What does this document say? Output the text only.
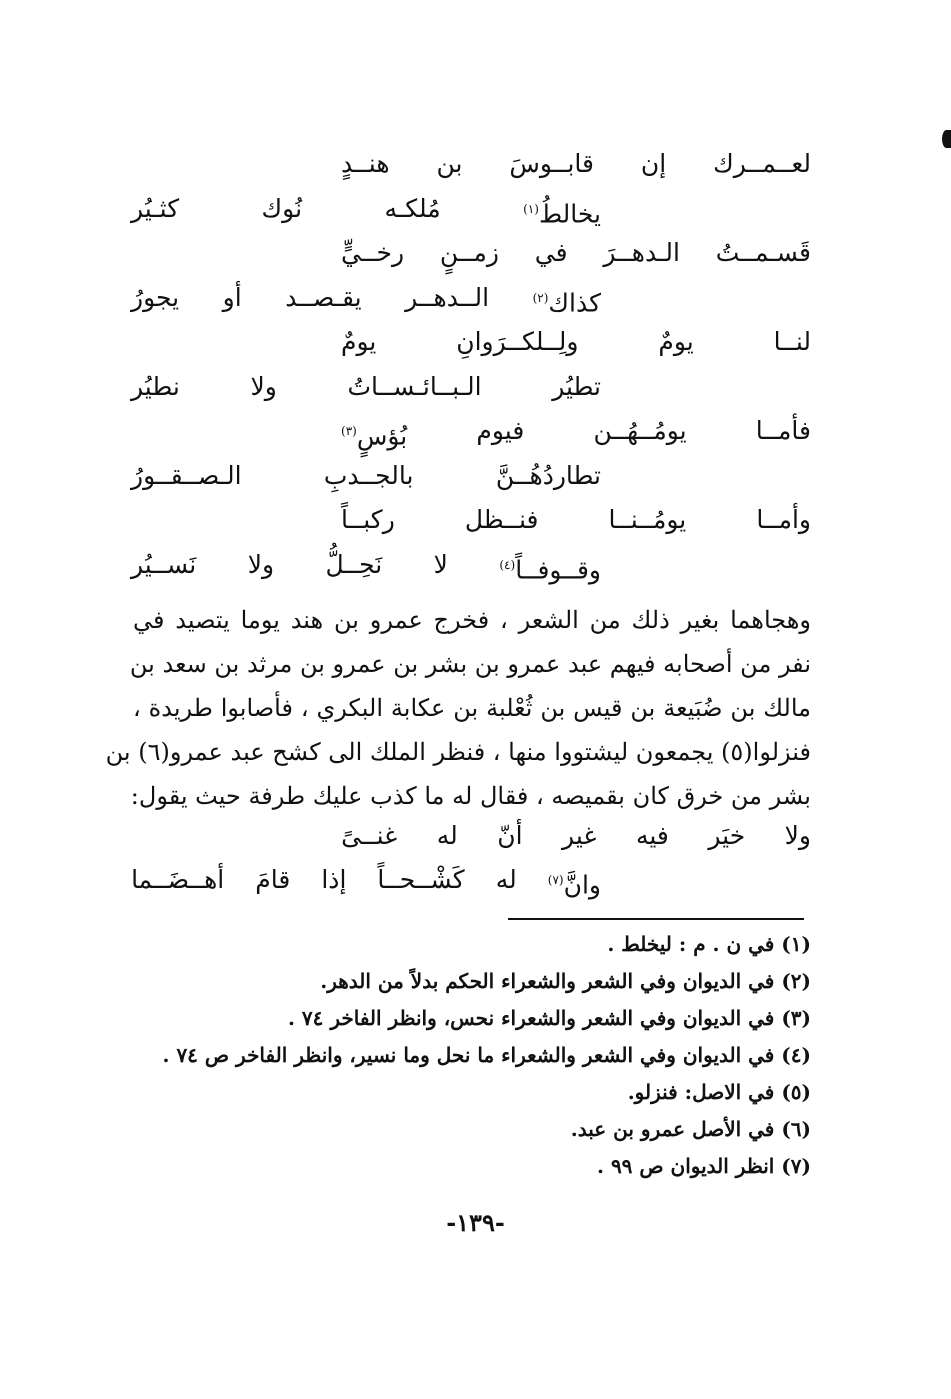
لعــمــرك
إن
قابــوسَ
بن
هنــدٍ
يخالطُ$^{(١)}$
مُلكـه
نُوك
كثـيُر
قَسـمــتُ
الـدهــرَ
في
زمــنٍ
رخــيٍّ
كذاك$^{(٢)}$
الــدهــر
يقـصــد
أو
يجورُ
لنــا
يومٌ
ولِــلكــرَوانِ
يومٌ
تطيُر
الـبــائـســاتُ
ولا
نطيُر
فأمــا
يومُــهُــن
فيوم
بُؤسٍ$^{(٣)}$
تطاردُهُــنَّ
بالجــدبِ
الـصــقــورُ
وأمــا
يومُــنــا
فنــظل
ركبــاً
وقــوفــاً$^{(٤)}$
لا
نَحِــلُّ
ولا
نَســيُر

وهجاهما بغير ذلك من الشعر ، فخرج عمرو بن هند يوما يتصيد في

نفر من أصحابه فيهم عبد عمرو بن بشر بن عمرو بن مرثد بن سعد بن

مالك بن ضُبَيعة بن قيس بن ثُعْلبة بن عكابة البكري ، فأصابوا طريدة ،

فنزلوا(٥) يجمعون ليشتووا منها ، فنظر الملك الى كشح عبد عمرو(٦) بن

بشر من خرق كان بقميصه ، فقال له ما كذب عليك طرفة حيث يقول:

ولا
خيَر
فيه
غير
أنّ
له
غنــىً
وانَّ$^{(٧)}$
له
كَشْــحــاً
إذا
قامَ
أهــضَــما
(١) في ن . م : ليخلط .
(٢) في الديوان وفي الشعر والشعراء الحكم بدلاً من الدهر.
(٣) في الديوان وفي الشعر والشعراء نحس، وانظر الفاخر ٧٤ .
(٤) في الديوان وفي الشعر والشعراء ما نحل وما نسير، وانظر الفاخر ص ٧٤ .
(٥) في الاصل: فنزلو.
(٦) في الأصل عمرو بن عبد.
(٧) انظر الديوان ص ٩٩ .
-١٣٩-
